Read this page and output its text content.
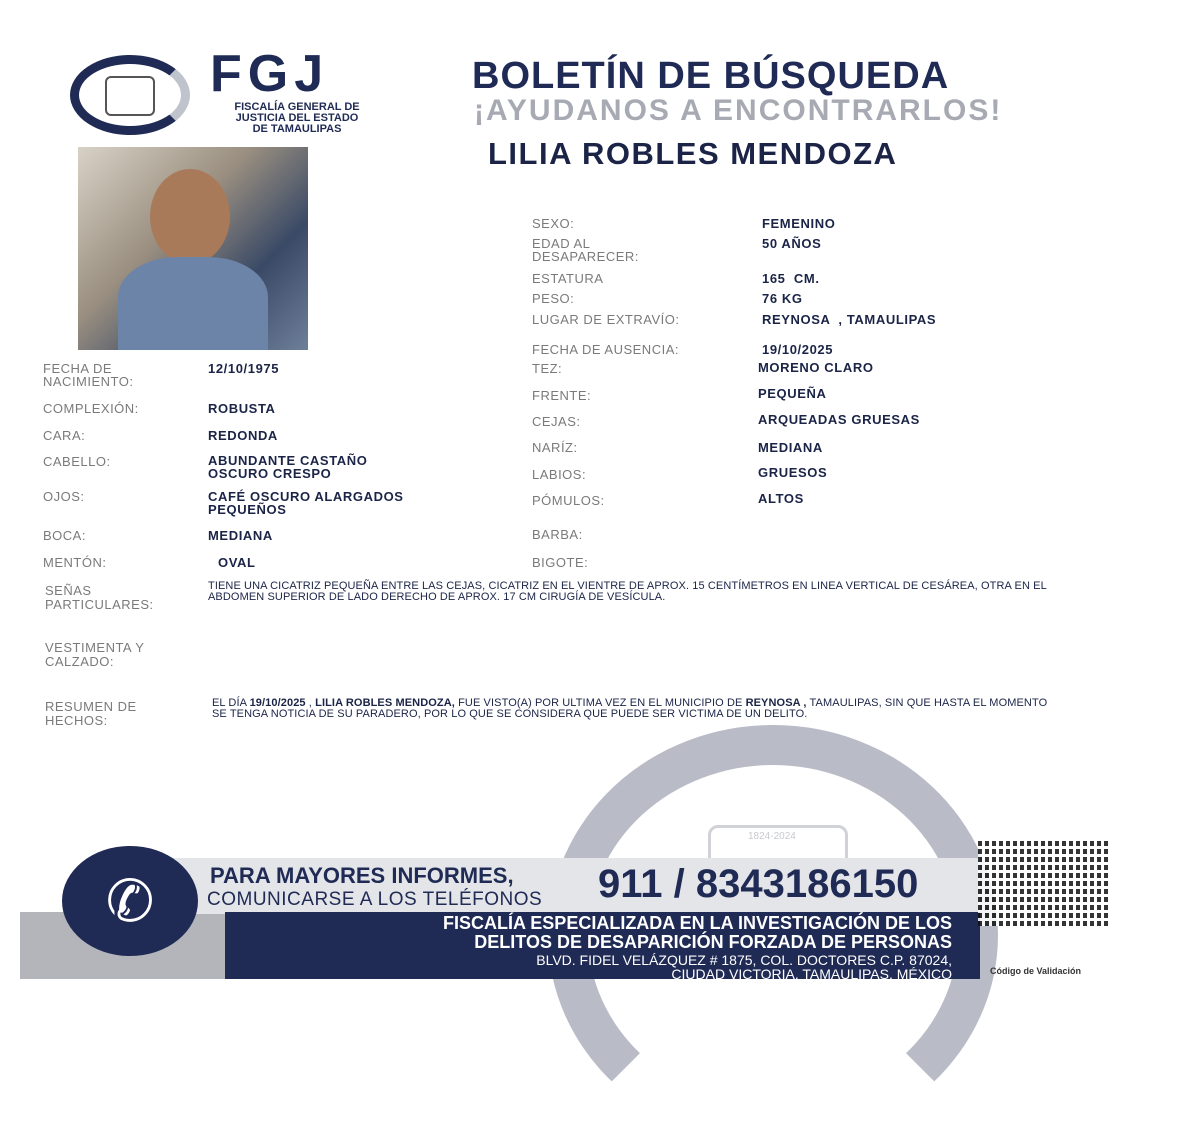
FGJ
FISCALÍA GENERAL DE
JUSTICIA DEL ESTADO
DE TAMAULIPAS
BOLETÍN DE BÚSQUEDA
¡AYUDANOS A ENCONTRARLOS!
LILIA ROBLES MENDOZA
FECHA DE NACIMIENTO:
12/10/1975
COMPLEXIÓN:	ROBUSTA
CARA:	REDONDA
CABELLO:	ABUNDANTE CASTAÑO OSCURO CRESPO
OJOS:	CAFÉ OSCURO ALARGADOS PEQUEÑOS
BOCA:	MEDIANA
MENTÓN:	OVAL
SEXO:	FEMENINO
EDAD AL DESAPARECER:
50 AÑOS
ESTATURA	165  CM.
PESO:	76 KG
LUGAR DE EXTRAVÍO:	REYNOSA  , TAMAULIPAS
FECHA DE AUSENCIA:	19/10/2025
TEZ:	MORENO CLARO
FRENTE:	PEQUEÑA
CEJAS:	ARQUEADAS GRUESAS
NARÍZ:	MEDIANA
LABIOS:	GRUESOS
PÓMULOS:	ALTOS
BARBA:
BIGOTE:
SEÑAS PARTICULARES:
TIENE UNA CICATRIZ PEQUEÑA ENTRE LAS CEJAS, CICATRIZ EN EL VIENTRE DE APROX. 15 CENTÍMETROS EN LINEA VERTICAL DE CESÁREA, OTRA EN EL ABDOMEN SUPERIOR DE LADO DERECHO DE APROX. 17 CM CIRUGÍA DE VESÍCULA.
VESTIMENTA Y CALZADO:
RESUMEN DE HECHOS:
EL DÍA 19/10/2025 , LILIA ROBLES MENDOZA, FUE VISTO(A) POR ULTIMA VEZ EN EL MUNICIPIO DE REYNOSA , TAMAULIPAS, SIN QUE HASTA EL MOMENTO SE TENGA NOTICIA DE SU PARADERO, POR LO QUE SE CONSIDERA QUE PUEDE SER VICTIMA DE UN DELITO.
1824-2024
✆	PARA MAYORES INFORMES,
COMUNICARSE A LOS TELÉFONOS 911 / 8343186150
FISCALÍA ESPECIALIZADA EN LA INVESTIGACIÓN DE LOS
DELITOS DE DESAPARICIÓN FORZADA DE PERSONAS
BLVD. FIDEL VELÁZQUEZ # 1875, COL. DOCTORES C.P. 87024,
CIUDAD VICTORIA, TAMAULIPAS, MÉXICO	Código de Validación
